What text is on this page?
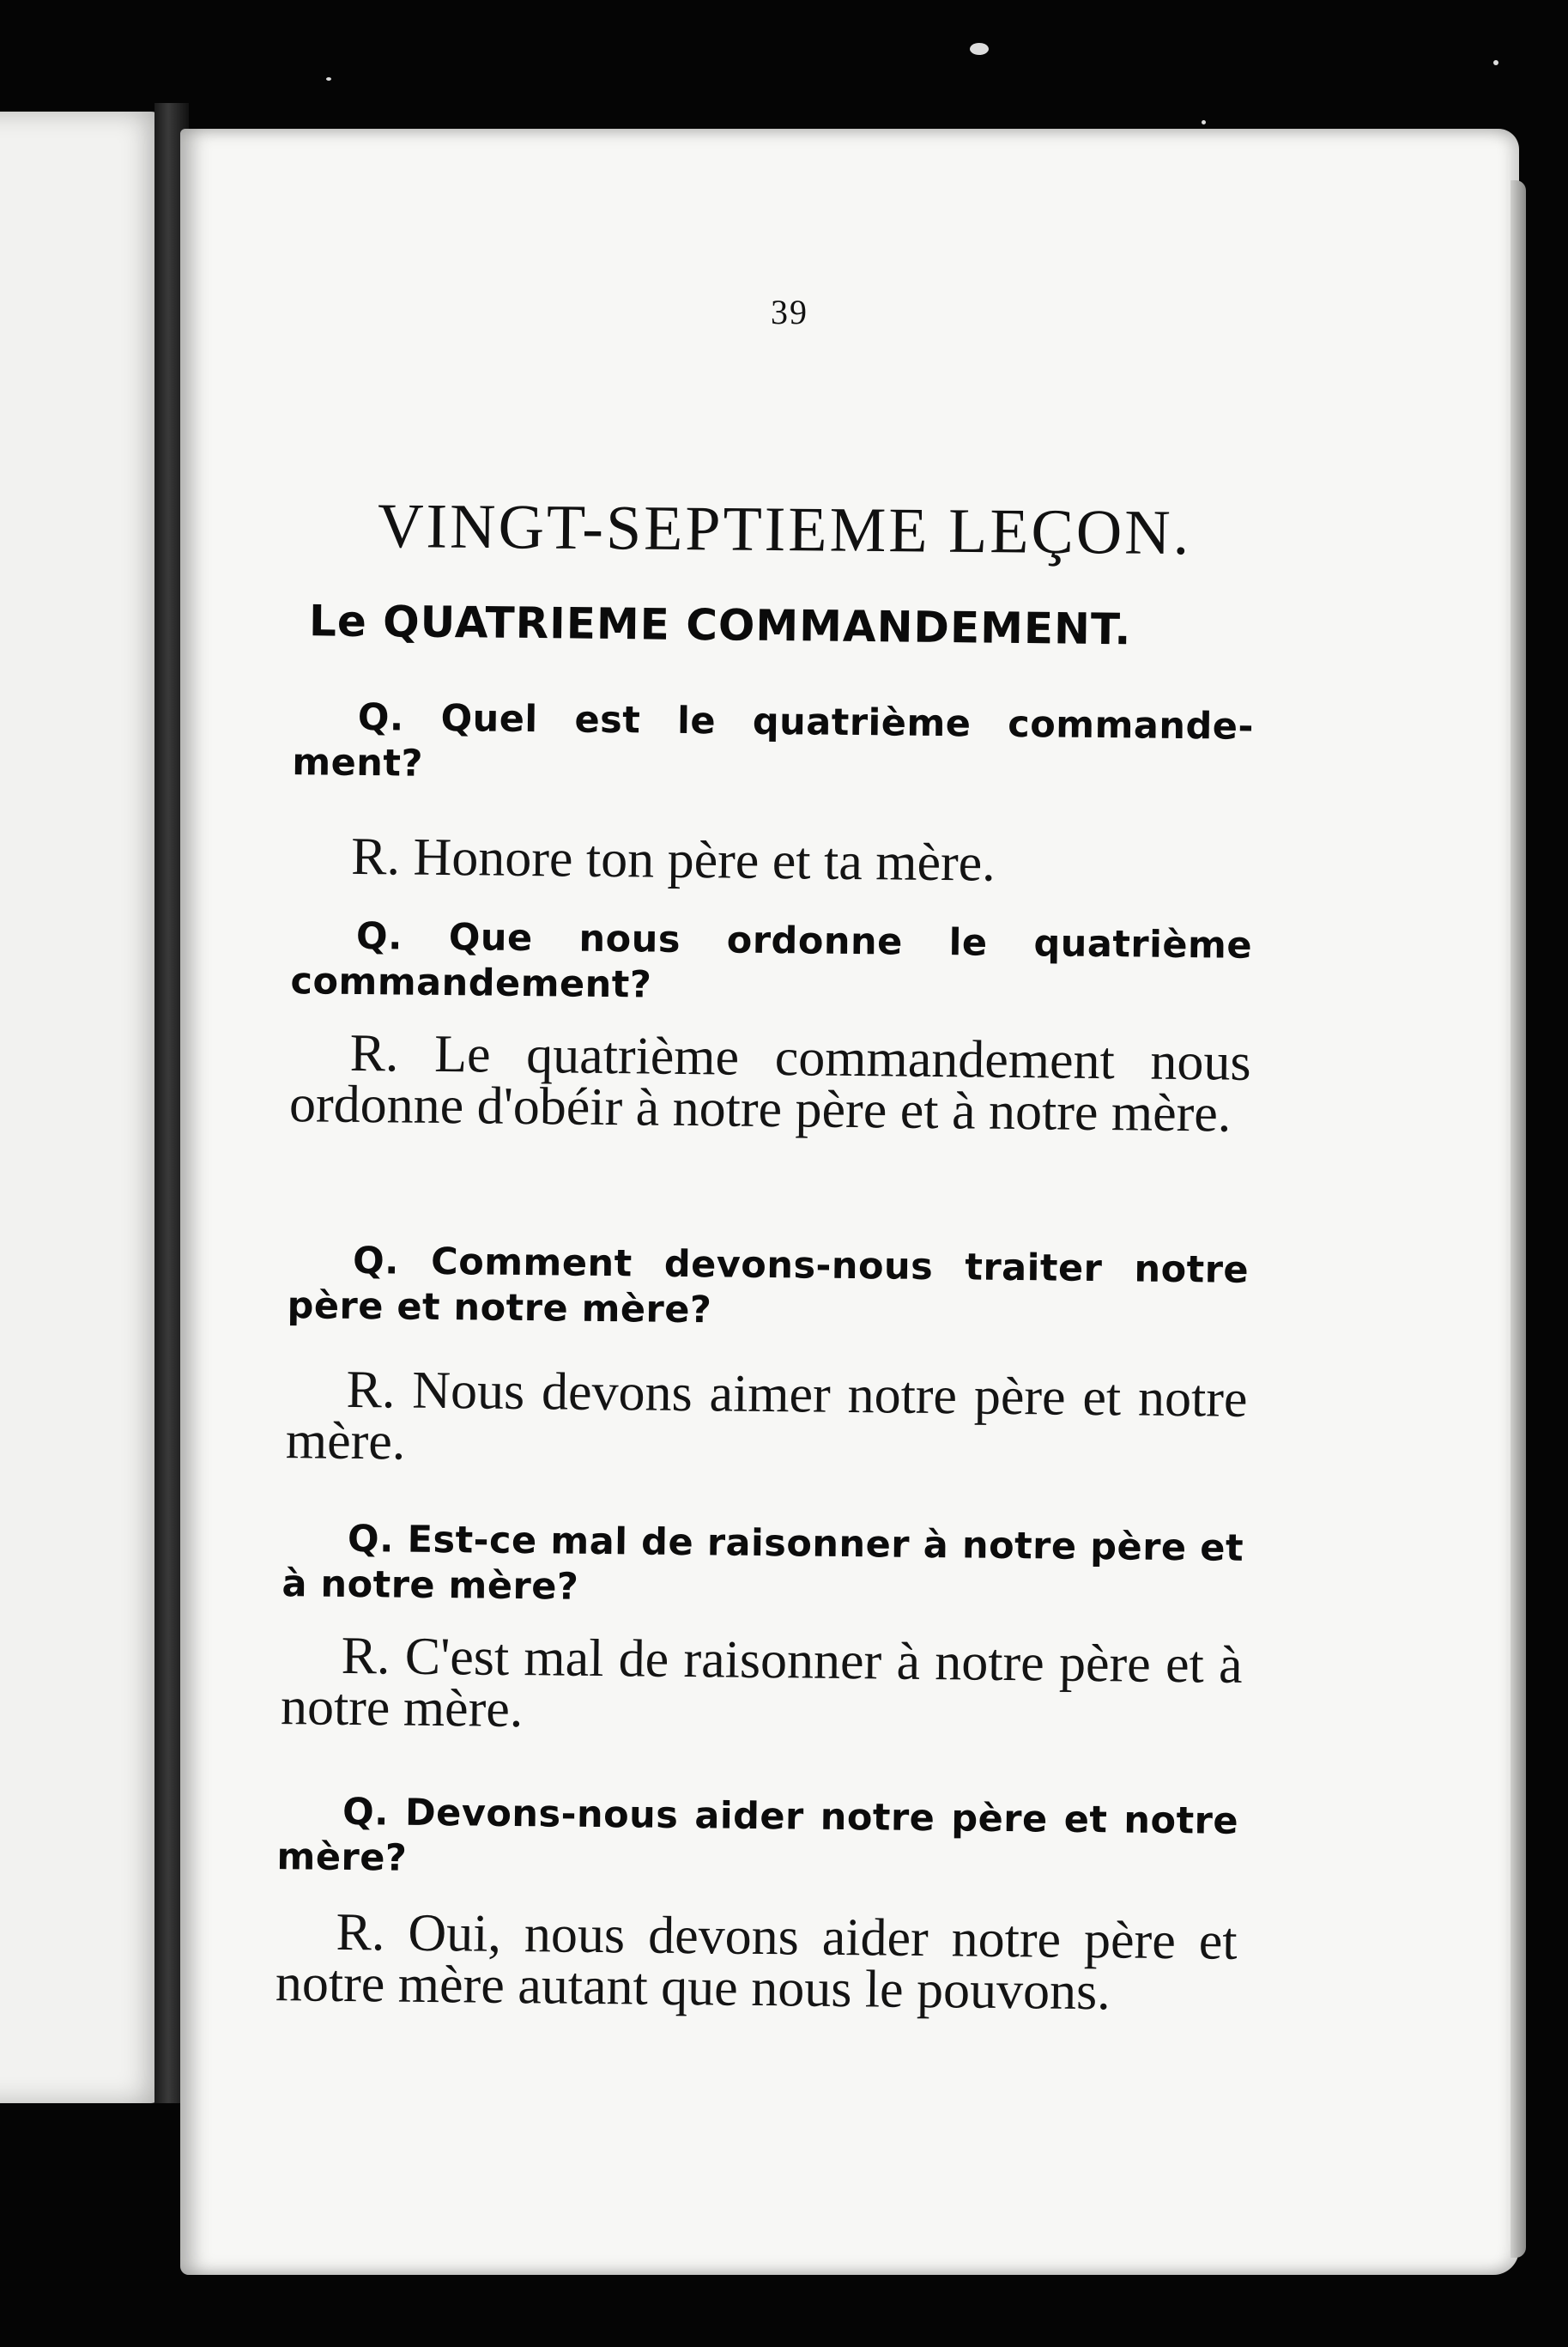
39
VINGT-SEPTIEME LEÇON.
Le QUATRIEME COMMANDEMENT.
Q. Quel est le quatrième commande-ment?
R. Honore ton père et ta mère.
Q. Que nous ordonne le quatrième commandement?
R. Le quatrième commandement nous ordonne d'obéir à notre père et à notre mère.
Q. Comment devons-nous traiter notre père et notre mère?
R. Nous devons aimer notre père et notre mère.
Q. Est-ce mal de raisonner à notre père et à notre mère?
R. C'est mal de raisonner à notre père et à notre mère.
Q. Devons-nous aider notre père et notre mère?
R. Oui, nous devons aider notre père et notre mère autant que nous le pouvons.
